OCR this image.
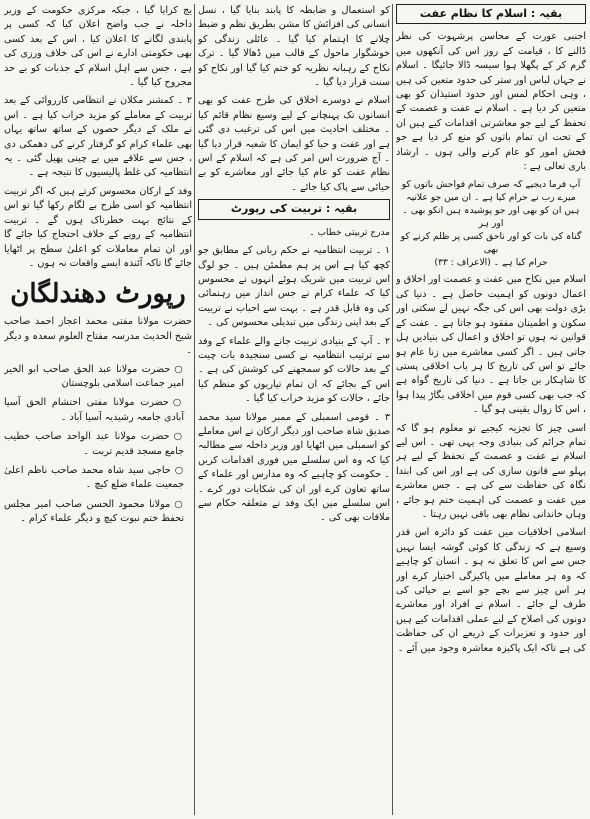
بقیہ : اسلام کا نظام عفت

اجنبی عورت کے محاسن پرشہوت کی نظر ڈالنے کا ، قیامت کے روز اس کی آنکھوں میں گرم کر کے پگھلا ہوا سیسہ ڈالا جائیگا ۔ اسلام نے جہاں لباس اور ستر کی حدود متعین کی ہیں ، وہی احکام لمس اور حدود استیذان کو بھی متعین کر دیا ہے ۔ اسلام نے عفت و عصمت کے تحفظ کے لیے جو معاشرتی اقدامات کیے ہیں ان کے تحت ان تمام باتوں کو منع کر دیا ہے جو فحش امور کو عام کرنے والی ہوں ۔ ارشاد باری تعالی ہے :

آپ فرما دیجیے کہ صرف تمام فواحش باتوں کو
میرے رب نے حرام کیا ہے ۔ ان میں جو علانیہ
ہیں ان کو بھی اور جو پوشیدہ ہیں انکو بھی ۔ اور ہر
گناہ کی بات کو اور ناحق کسی پر ظلم کرنے کو بھی
حرام کیا ہے ۔ (الاعراف : ۳۳)

اسلام میں نکاح میں عفت و عصمت اور اخلاق و اعمال دونوں کو اہمیت حاصل ہے ۔ دنیا کی بڑی دولت بھی اس کی جگہ نہیں لے سکتی اور سکون و اطمینان مفقود ہو جاتا ہے ۔ عفت کے قوانین نہ ہوں تو اخلاق و اعمال کی بنیادیں ہل جاتی ہیں ۔ اگر کسی معاشرے میں زنا عام ہو جائے تو اس کی تاریخ کا ہر باب اخلاقی پستی کا شاہکار بن جاتا ہے ۔ دنیا کی تاریخ گواہ ہے کہ جب بھی کسی قوم میں اخلاقی بگاڑ پیدا ہوا ، اس کا زوال یقینی ہو گیا ۔

اسی چیز کا تجزیہ کیجیے تو معلوم ہو گا کہ تمام جرائم کی بنیادی وجہ یہی تھی ۔ اس لیے اسلام نے عفت و عصمت کے تحفظ کے لیے ہر پہلو سے قانون سازی کی ہے اور اس کی ابتدا نگاہ کی حفاظت سے کی ہے ۔ جس معاشرے میں عفت و عصمت کی اہمیت ختم ہو جائے ، وہاں خاندانی نظام بھی باقی نہیں رہتا ۔

اسلامی اخلاقیات میں عفت کو دائرہ اس قدر وسیع ہے کہ زندگی کا کوئی گوشہ ایسا نہیں جس سے اس کا تعلق نہ ہو ۔ انسان کو چاہیے کہ وہ ہر معاملے میں پاکیزگی اختیار کرے اور ہر اس چیز سے بچے جو اسے بے حیائی کی طرف لے جائے ۔ اسلام نے افراد اور معاشرے دونوں کی اصلاح کے لیے عملی اقدامات کیے ہیں اور حدود و تعزیرات کے ذریعے ان کی حفاظت کی ہے تاکہ ایک پاکیزہ معاشرہ وجود میں آئے ۔

کو استعمال و ضابطہ کا پابند بنایا گیا ، نسل انسانی کی افزائش کا مشن بطریق نظم و ضبط چلانے کا اہتمام کیا گیا ۔ عائلی زندگی کو خوشگوار ماحول کے قالب میں ڈھالا گیا ۔ ترک نکاح کے رہبانہ نظریہ کو ختم کیا گیا اور نکاح کو سنت قرار دیا گیا ۔

اسلام نے دوسرے اخلاق کی طرح عفت کو بھی انسانوں تک پہنچانے کے لیے وسیع نظام قائم کیا ۔ مختلف احادیث میں اس کی ترغیب دی گئی ہے اور عفت و حیا کو ایمان کا شعبہ قرار دیا گیا ۔ آج ضرورت اس امر کی ہے کہ اسلام کے اس نظام عفت کو عام کیا جائے اور معاشرے کو بے حیائی سے پاک کیا جائے ۔

بقیہ : تربیت کی رپورٹ

مدرج تربیتی خطاب ۔

۱ ۔ تربیت انتظامیہ نے حکم ربانی کے مطابق جو کچھ کیا ہے اس پر ہم مطمئن ہیں ۔ جو لوگ اس تربیت میں شریک ہوئے انہوں نے محسوس کیا کہ علماء کرام نے جس انداز میں رہنمائی کی وہ قابل قدر ہے ۔ بہت سے احباب نے تربیت کے بعد اپنی زندگی میں تبدیلی محسوس کی ۔

۲ ۔ آپ کے بنیادی تربیت جانے والے علماء کے وفد سے ترتیب انتظامیہ نے کسی سنجیدہ بات چیت کے بعد حالات کو سمجھنے کی کوشش کی ہے ۔ اس کے بجائے کہ ان تمام تیاریوں کو منظم کیا جائے ، حالات کو مزید خراب کیا گیا ۔

۳ ۔ قومی اسمبلی کے ممبر مولانا سید محمد صدیق شاہ صاحب اور دیگر ارکان نے اس معاملے کو اسمبلی میں اٹھایا اور وزیر داخلہ سے مطالبہ کیا کہ وہ اس سلسلے میں فوری اقدامات کریں ۔ حکومت کو چاہیے کہ وہ مدارس اور علماء کے ساتھ تعاون کرے اور ان کی شکایات دور کرے ۔ اس سلسلے میں ایک وفد نے متعلقہ حکام سے ملاقات بھی کی ۔

یج کرایا گیا ، جبکہ مرکزی حکومت کے وزیر داخلہ نے جب واضح اعلان کیا کہ کسی پر پابندی لگانے کا اعلان کیا ، اس کے بعد کسی بھی حکومتی ادارے نے اس کی خلاف ورزی کی ہے ، جس سے اہل اسلام کے جذبات کو بے حد مجروح کیا گیا ۔

۲ ۔ کمشنر مکلان نے انتظامی کارروائی کے بعد تربیت کے معاملے کو مزید خراب کیا ہے ۔ اس نے ملک کے دیگر حصوں کے ساتھ ساتھ یہاں بھی علماء کرام کو گرفتار کرنے کی دھمکی دی ، جس سے علاقے میں بے چینی پھیل گئی ۔ یہ انتظامیہ کی غلط پالیسیوں کا نتیجہ ہے ۔

وفد کے ارکان محسوس کرتے ہیں کہ اگر تربیت انتظامیہ کو اسی طرح بے لگام رکھا گیا تو اس کے نتائج بہت خطرناک ہوں گے ۔ تربیت انتظامیہ کے رویے کے خلاف احتجاج کیا جائے گا اور ان تمام معاملات کو اعلیٰ سطح پر اٹھایا جائے گا تاکہ آئندہ ایسے واقعات نہ ہوں ۔

رپورٹ دھندلگان

حضرت مولانا مفتی محمد اعجاز احمد صاحب شیخ الحدیث مدرسہ مفتاح العلوم سعدہ و دیگر ۔

○حضرت مولانا عبد الحق صاحب ابو الخیر امیر جماعت اسلامی بلوچستان
○حضرت مولانا مفتی احتشام الحق آسیا آبادی جامعہ رشیدیہ آسیا آباد ۔
○حضرت مولانا عبد الواحد صاحب خطیب جامع مسجد قدیم تربت ۔
○حاجی سید شاہ محمد صاحب ناظم اعلیٰ جمعیت علماء ضلع کیچ ۔
○مولانا محمود الحسن صاحب امیر مجلس تحفظ ختم نبوت کیچ و دیگر علماء کرام ۔
